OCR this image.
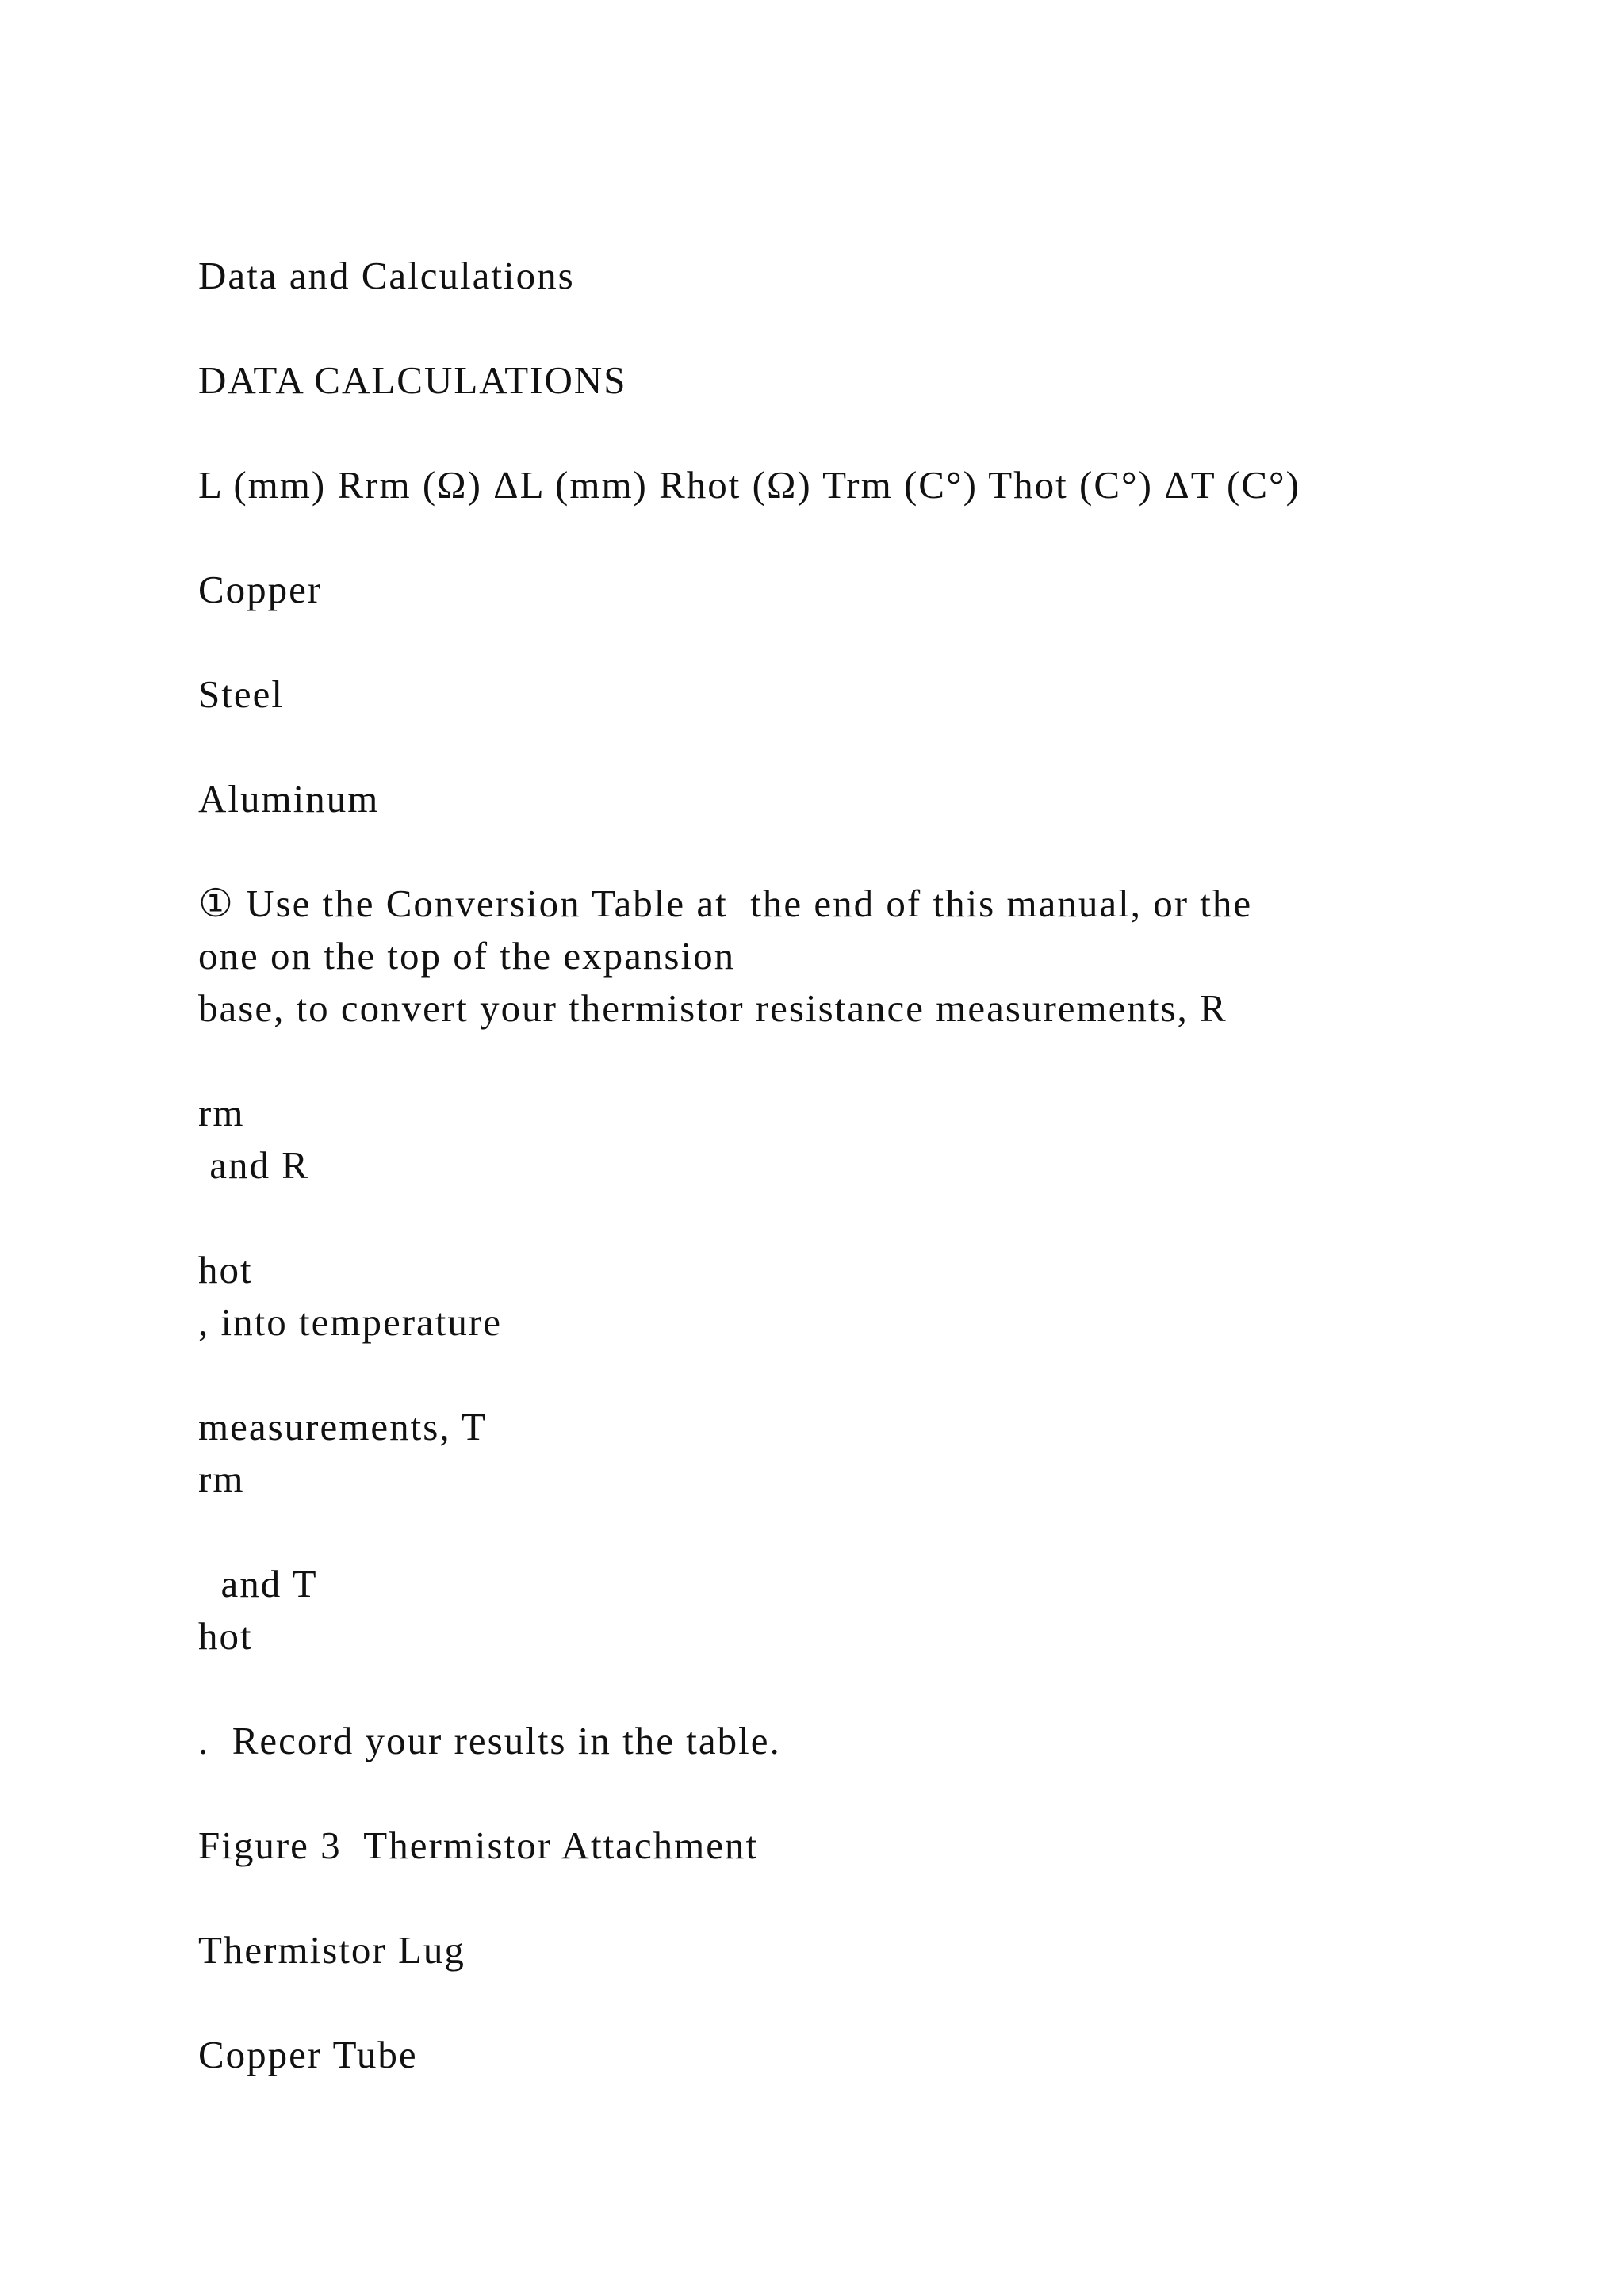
Data and Calculations
DATA CALCULATIONS
L (mm) Rrm (Ω) ΔL (mm) Rhot (Ω) Trm (C°) Thot (C°) ΔT (C°)
Copper
Steel
Aluminum
① Use the Conversion Table at  the end of this manual, or the
one on the top of the expansion
base, to convert your thermistor resistance measurements, R
rm
and R
hot
, into temperature
measurements, T
rm
and T
hot
.  Record your results in the table.
Figure 3  Thermistor Attachment
Thermistor Lug
Copper Tube
